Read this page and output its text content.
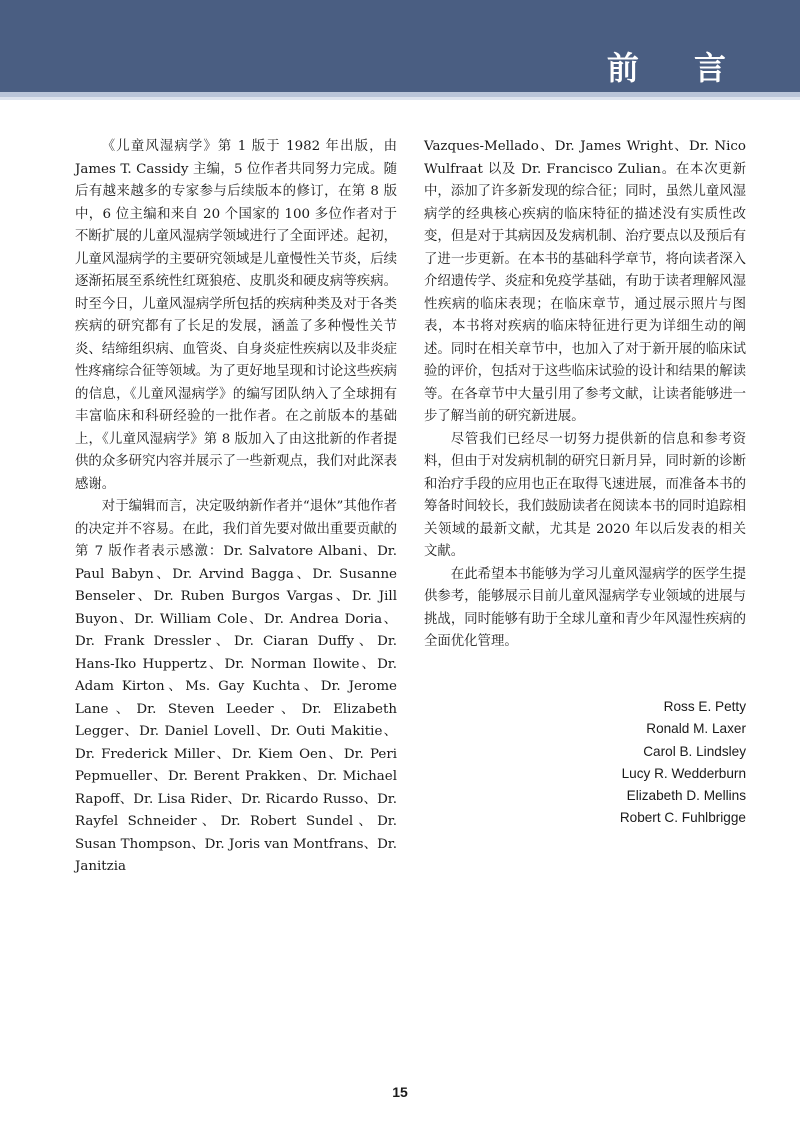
前 言

《儿童风湿病学》第 1 版于 1982 年出版，由 James T. Cassidy 主编，5 位作者共同努力完成。随后有越来越多的专家参与后续版本的修订，在第 8 版中，6 位主编和来自 20 个国家的 100 多位作者对于不断扩展的儿童风湿病学领域进行了全面评述。起初，儿童风湿病学的主要研究领域是儿童慢性关节炎，后续逐渐拓展至系统性红斑狼疮、皮肌炎和硬皮病等疾病。时至今日，儿童风湿病学所包括的疾病种类及对于各类疾病的研究都有了长足的发展，涵盖了多种慢性关节炎、结缔组织病、血管炎、自身炎症性疾病以及非炎症性疼痛综合征等领域。为了更好地呈现和讨论这些疾病的信息，《儿童风湿病学》的编写团队纳入了全球拥有丰富临床和科研经验的一批作者。在之前版本的基础上，《儿童风湿病学》第 8 版加入了由这批新的作者提供的众多研究内容并展示了一些新观点，我们对此深表感谢。

对于编辑而言，决定吸纳新作者并“退休”其他作者的决定并不容易。在此，我们首先要对做出重要贡献的第 7 版作者表示感激：Dr. Salvatore Albani、Dr. Paul Babyn、Dr. Arvind Bagga、Dr. Susanne Benseler、Dr. Ruben Burgos Vargas、Dr. Jill Buyon、Dr. William Cole、Dr. Andrea Doria、Dr. Frank Dressler、Dr. Ciaran Duffy、Dr. Hans-Iko Huppertz、Dr. Norman Ilowite、Dr. Adam Kirton、Ms. Gay Kuchta、Dr. Jerome Lane、Dr. Steven Leeder、Dr. Elizabeth Legger、Dr. Daniel Lovell、Dr. Outi Makitie、Dr. Frederick Miller、Dr. Kiem Oen、Dr. Peri Pepmueller、Dr. Berent Prakken、Dr. Michael Rapoff、Dr. Lisa Rider、Dr. Ricardo Russo、Dr. Rayfel Schneider、Dr. Robert Sundel、Dr. Susan Thompson、Dr. Joris van Montfrans、Dr. Janitzia

Vazques-Mellado、Dr. James Wright、Dr. Nico Wulfraat 以及 Dr. Francisco Zulian。在本次更新中，添加了许多新发现的综合征；同时，虽然儿童风湿病学的经典核心疾病的临床特征的描述没有实质性改变，但是对于其病因及发病机制、治疗要点以及预后有了进一步更新。在本书的基础科学章节，将向读者深入介绍遗传学、炎症和免疫学基础，有助于读者理解风湿性疾病的临床表现；在临床章节，通过展示照片与图表，本书将对疾病的临床特征进行更为详细生动的阐述。同时在相关章节中，也加入了对于新开展的临床试验的评价，包括对于这些临床试验的设计和结果的解读等。在各章节中大量引用了参考文献，让读者能够进一步了解当前的研究新进展。

尽管我们已经尽一切努力提供新的信息和参考资料，但由于对发病机制的研究日新月异，同时新的诊断和治疗手段的应用也正在取得飞速进展，而准备本书的筹备时间较长，我们鼓励读者在阅读本书的同时追踪相关领域的最新文献，尤其是 2020 年以后发表的相关文献。

在此希望本书能够为学习儿童风湿病学的医学生提供参考，能够展示目前儿童风湿病学专业领域的进展与挑战，同时能够有助于全球儿童和青少年风湿性疾病的全面优化管理。

Ross E. Petty
Ronald M. Laxer
Carol B. Lindsley
Lucy R. Wedderburn
Elizabeth D. Mellins
Robert C. Fuhlbrigge
15
